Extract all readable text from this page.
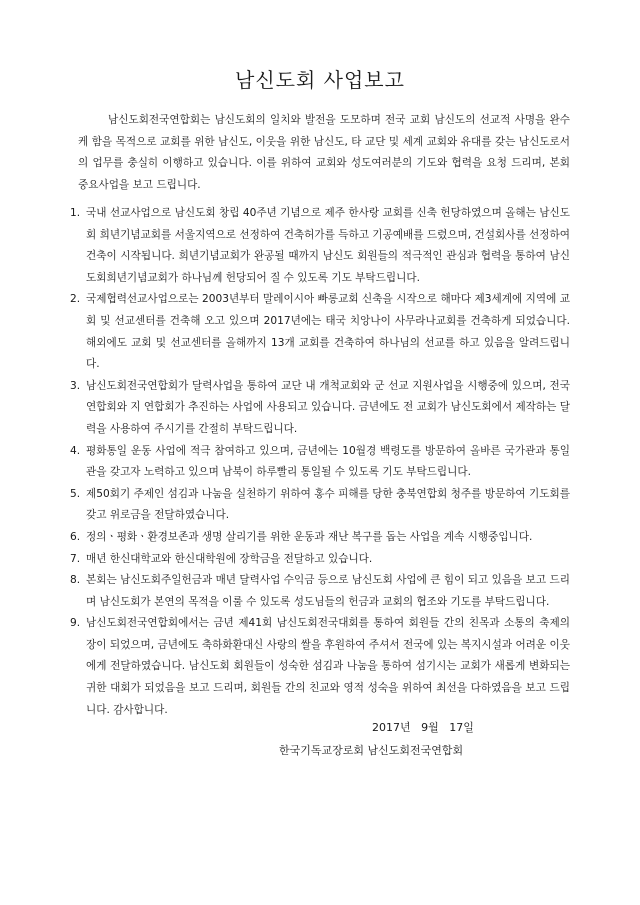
남신도회 사업보고

남신도회전국연합회는 남신도회의 일치와 발전을 도모하며 전국 교회 남신도의 선교적 사명을 완수케 함을 목적으로 교회를 위한 남신도, 이웃을 위한 남신도, 타 교단 및 세계 교회와 유대를 갖는 남신도로서의 업무를 충실히 이행하고 있습니다. 이를 위하여 교회와 성도여러분의 기도와 협력을 요청 드리며, 본회 중요사업을 보고 드립니다.

1. 국내 선교사업으로 남신도회 창립 40주년 기념으로 제주 한사랑 교회를 신축 헌당하였으며 올해는 남신도회 희년기념교회를 서울지역으로 선정하여 건축허가를 득하고 기공예배를 드렸으며, 건설회사를 선정하여 건축이 시작됩니다. 희년기념교회가 완공될 때까지 남신도 회원들의 적극적인 관심과 협력을 통하여 남신도회희년기념교회가 하나님께 헌당되어 질 수 있도록 기도 부탁드립니다.
2. 국제협력선교사업으로는 2003년부터 말레이시아 빠롱교회 신축을 시작으로 해마다 제3세계에 지역에 교회 및 선교센터를 건축해 오고 있으며 2017년에는 태국 치앙나이 사무라나교회를 건축하게 되었습니다. 해외에도 교회 및 선교센터를 올해까지 13개 교회를 건축하여 하나님의 선교를 하고 있음을 알려드립니다.
3. 남신도회전국연합회가 달력사업을 통하여 교단 내 개척교회와 군 선교 지원사업을 시행중에 있으며, 전국연합회와 지 연합회가 추진하는 사업에 사용되고 있습니다. 금년에도 전 교회가 남신도회에서 제작하는 달력을 사용하여 주시기를 간절히 부탁드립니다.
4. 평화통일 운동 사업에 적극 참여하고 있으며, 금년에는 10월경 백령도를 방문하여 올바른 국가관과 통일관을 갖고자 노력하고 있으며 남북이 하루빨리 통일될 수 있도록 기도 부탁드립니다.
5. 제50회기 주제인 섬김과 나눔을 실천하기 위하여 홍수 피해를 당한 충북연합회 청주를 방문하여 기도회를 갖고 위로금을 전달하였습니다.
6. 정의ㆍ평화ㆍ환경보존과 생명 살리기를 위한 운동과 재난 복구를 돕는 사업을 계속 시행중입니다.
7. 매년 한신대학교와 한신대학원에 장학금을 전달하고 있습니다.
8. 본회는 남신도회주일헌금과 매년 달력사업 수익금 등으로 남신도회 사업에 큰 힘이 되고 있음을 보고 드리며 남신도회가 본연의 목적을 이룰 수 있도록 성도님들의 헌금과 교회의 협조와 기도를 부탁드립니다.
9. 남신도회전국연합회에서는 금년 제41회 남신도회전국대회를 통하여 회원들 간의 친목과 소통의 축제의 장이 되었으며, 금년에도 축하화환대신 사랑의 쌀을 후원하여 주셔서 전국에 있는 복지시설과 어려운 이웃에게 전달하였습니다. 남신도회 회원들이 성숙한 섬김과 나눔을 통하여 섬기시는 교회가 새롭게 변화되는 귀한 대회가 되었음을 보고 드리며, 회원들 간의 친교와 영적 성숙을 위하여 최선을 다하였음을 보고 드립니다. 감사합니다.
2017년   9월   17일
한국기독교장로회 남신도회전국연합회
